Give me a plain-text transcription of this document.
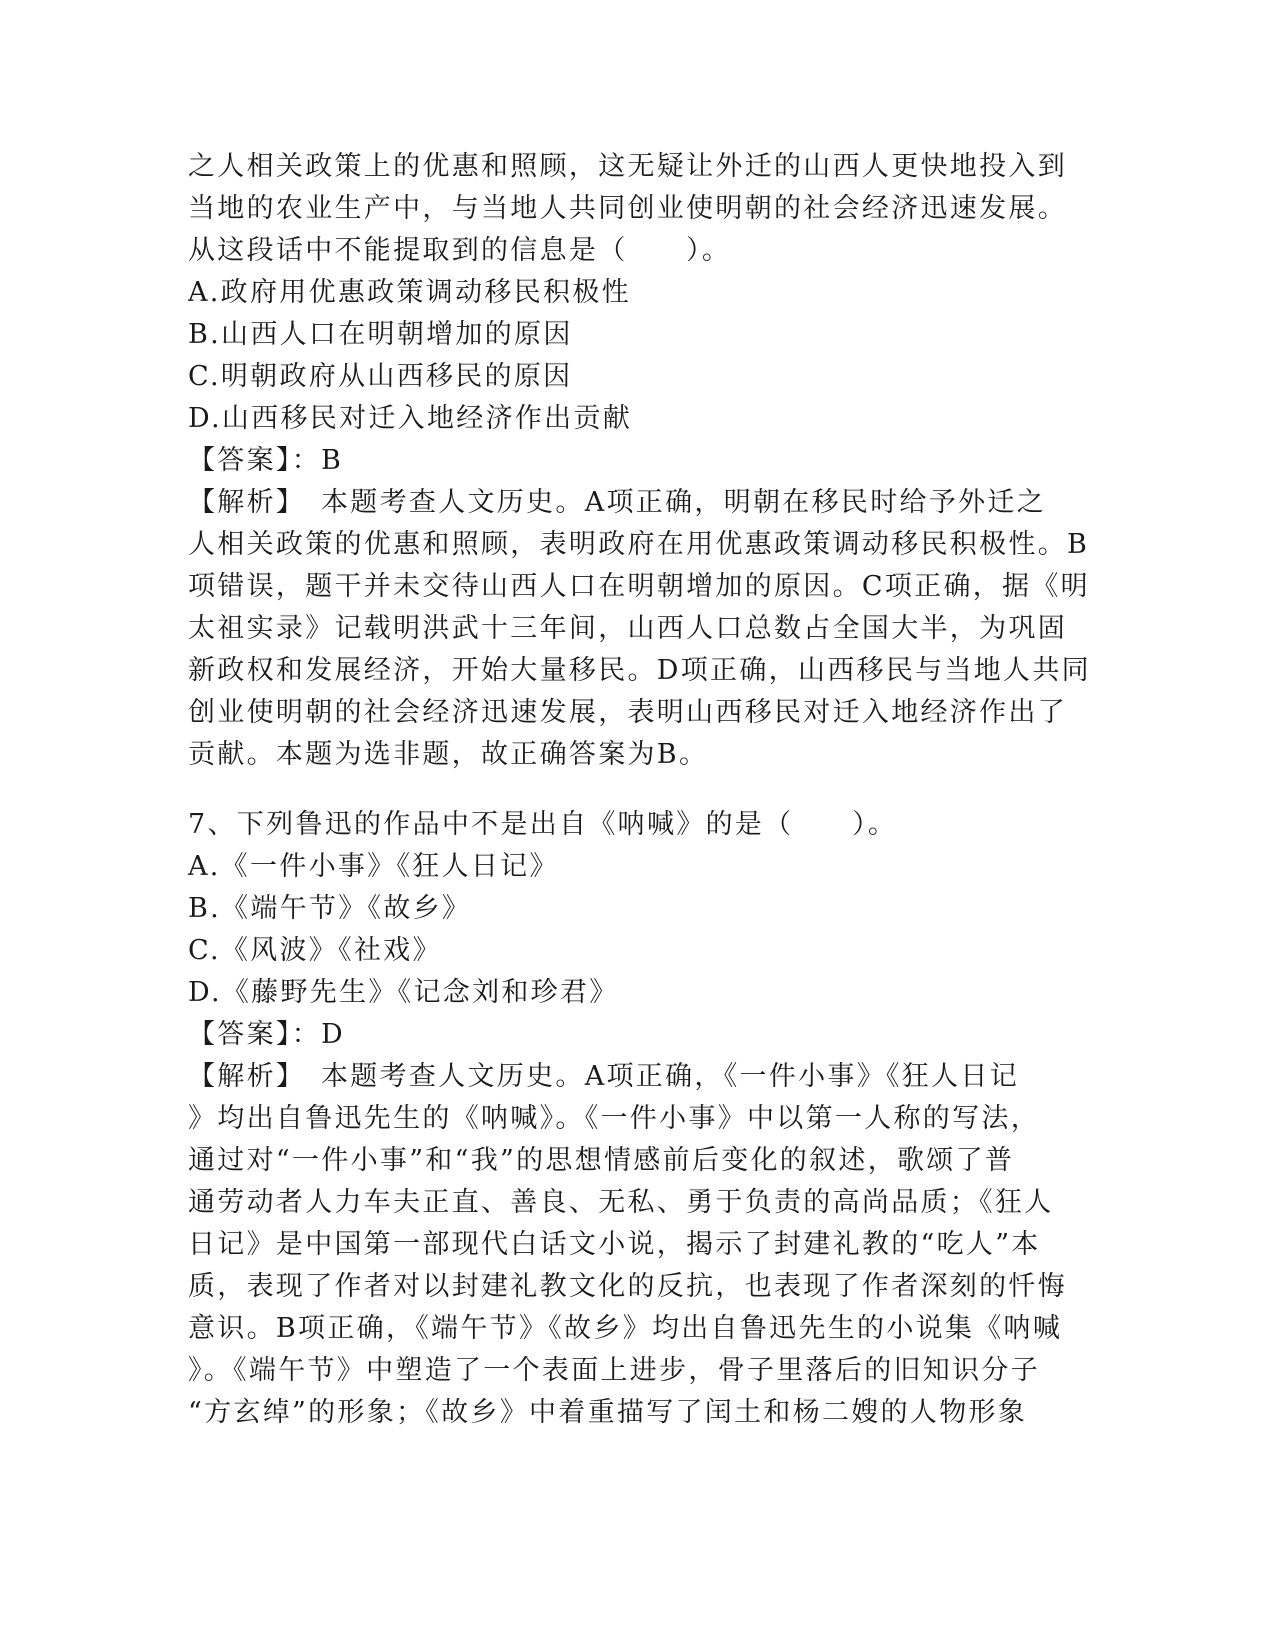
之人相关政策上的优惠和照顾，这无疑让外迁的山西人更快地投入到
当地的农业生产中，与当地人共同创业使明朝的社会经济迅速发展。
从这段话中不能提取到的信息是（　　）。
A.政府用优惠政策调动移民积极性
B.山西人口在明朝增加的原因
C.明朝政府从山西移民的原因
D.山西移民对迁入地经济作出贡献
【答案】：B
【解析】　本题考查人文历史。A项正确，明朝在移民时给予外迁之
人相关政策的优惠和照顾，表明政府在用优惠政策调动移民积极性。B
项错误，题干并未交待山西人口在明朝增加的原因。C项正确，据《明
太祖实录》记载明洪武十三年间，山西人口总数占全国大半，为巩固
新政权和发展经济，开始大量移民。D项正确，山西移民与当地人共同
创业使明朝的社会经济迅速发展，表明山西移民对迁入地经济作出了
贡献。本题为选非题，故正确答案为B。
7、下列鲁迅的作品中不是出自《呐喊》的是（　　）。
A.《一件小事》《狂人日记》
B.《端午节》《故乡》
C.《风波》《社戏》
D.《藤野先生》《记念刘和珍君》
【答案】：D
【解析】　本题考查人文历史。A项正确，《一件小事》《狂人日记
》均出自鲁迅先生的《呐喊》。《一件小事》中以第一人称的写法，
通过对“一件小事”和“我”的思想情感前后变化的叙述，歌颂了普
通劳动者人力车夫正直、善良、无私、勇于负责的高尚品质；《狂人
日记》是中国第一部现代白话文小说，揭示了封建礼教的“吃人”本
质，表现了作者对以封建礼教文化的反抗，也表现了作者深刻的忏悔
意识。B项正确，《端午节》《故乡》均出自鲁迅先生的小说集《呐喊
》。《端午节》中塑造了一个表面上进步，骨子里落后的旧知识分子
“方玄绰”的形象；《故乡》中着重描写了闰土和杨二嫂的人物形象
